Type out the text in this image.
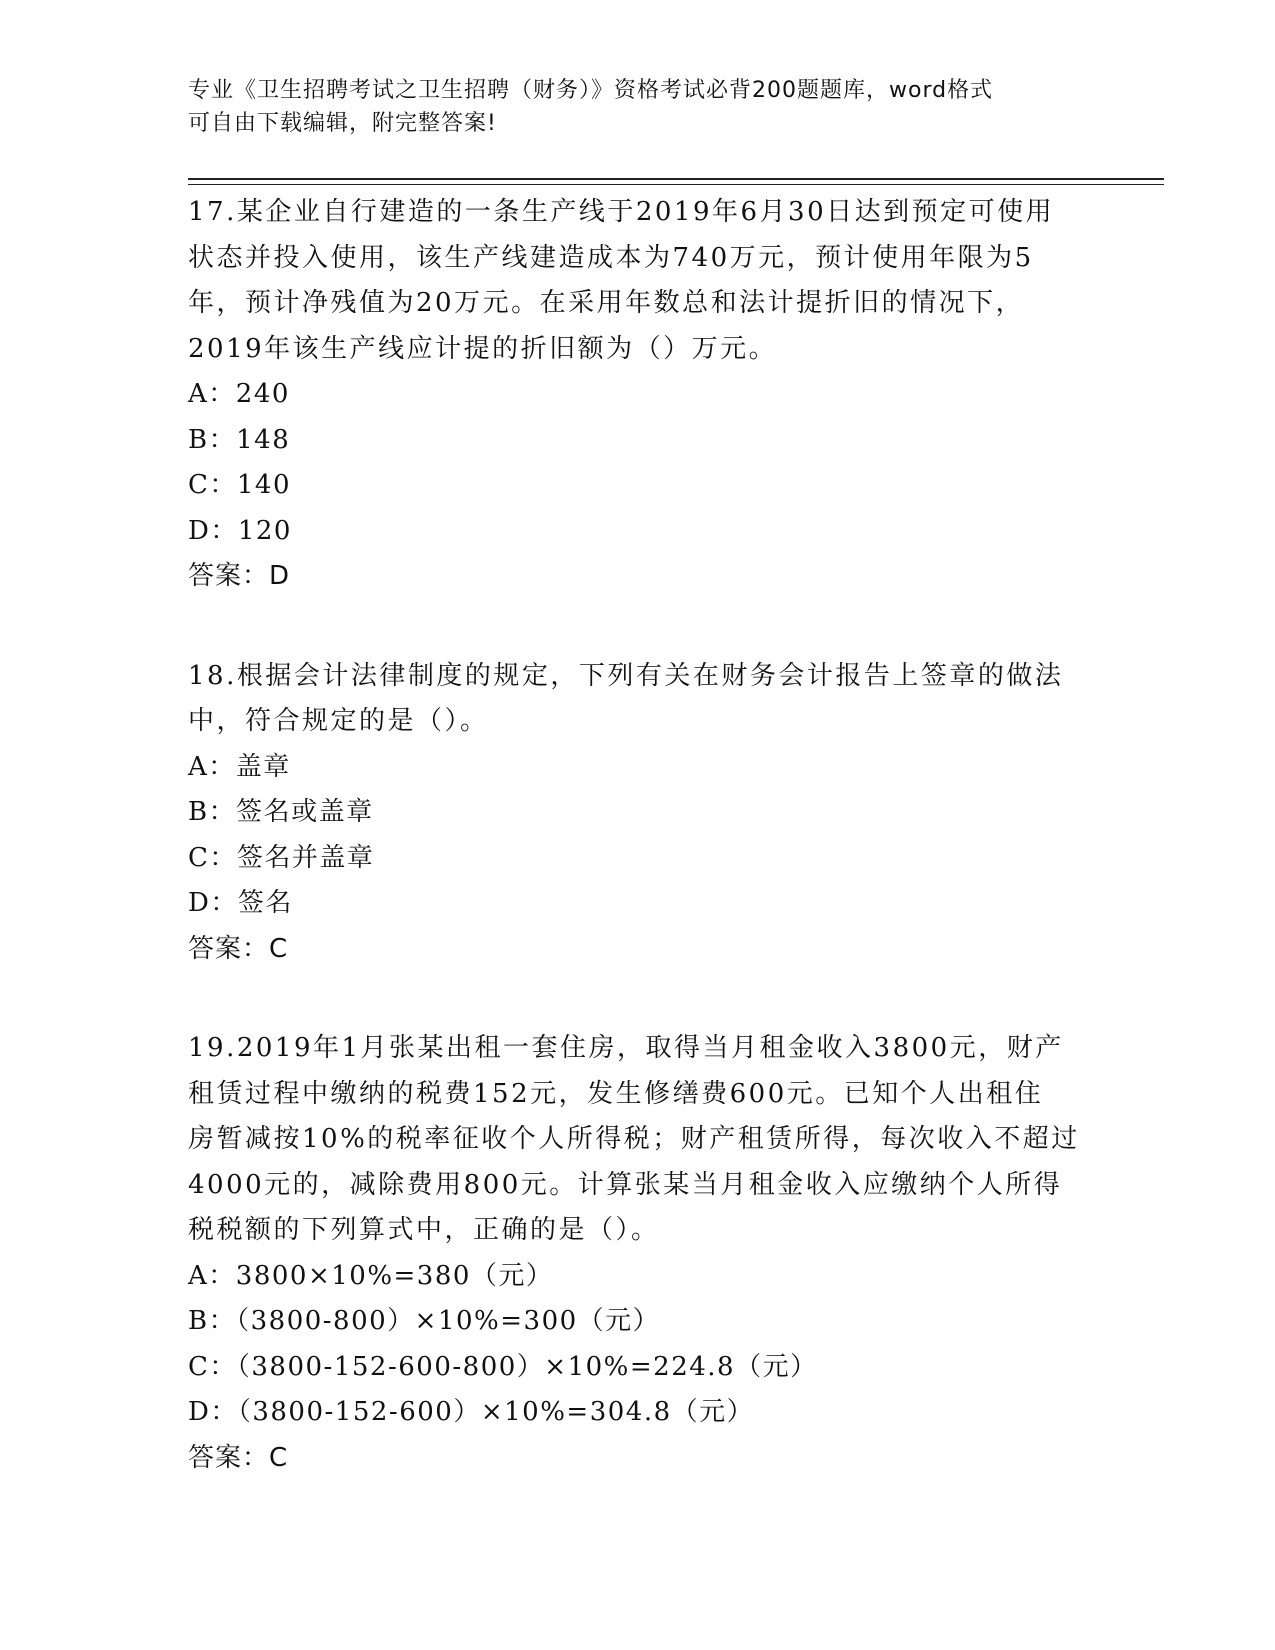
专业《卫生招聘考试之卫生招聘（财务）》资格考试必背200题题库，word格式
可自由下载编辑，附完整答案!

17.某企业自行建造的一条生产线于2019年6月30日达到预定可使用

状态并投入使用，该生产线建造成本为740万元，预计使用年限为5

年，预计净残值为20万元。在采用年数总和法计提折旧的情况下，

2019年该生产线应计提的折旧额为（）万元。

A：240

B：148

C：140

D：120

答案：D

18.根据会计法律制度的规定，下列有关在财务会计报告上签章的做法

中，符合规定的是（）。

A：盖章

B：签名或盖章

C：签名并盖章

D：签名

答案：C

19.2019年1月张某出租一套住房，取得当月租金收入3800元，财产

租赁过程中缴纳的税费152元，发生修缮费600元。已知个人出租住

房暂减按10%的税率征收个人所得税；财产租赁所得，每次收入不超过

4000元的，减除费用800元。计算张某当月租金收入应缴纳个人所得

税税额的下列算式中，正确的是（）。

A：3800×10%=380（元）

B：（3800-800）×10%=300（元）

C：（3800-152-600-800）×10%=224.8（元）

D：（3800-152-600）×10%=304.8（元）

答案：C
